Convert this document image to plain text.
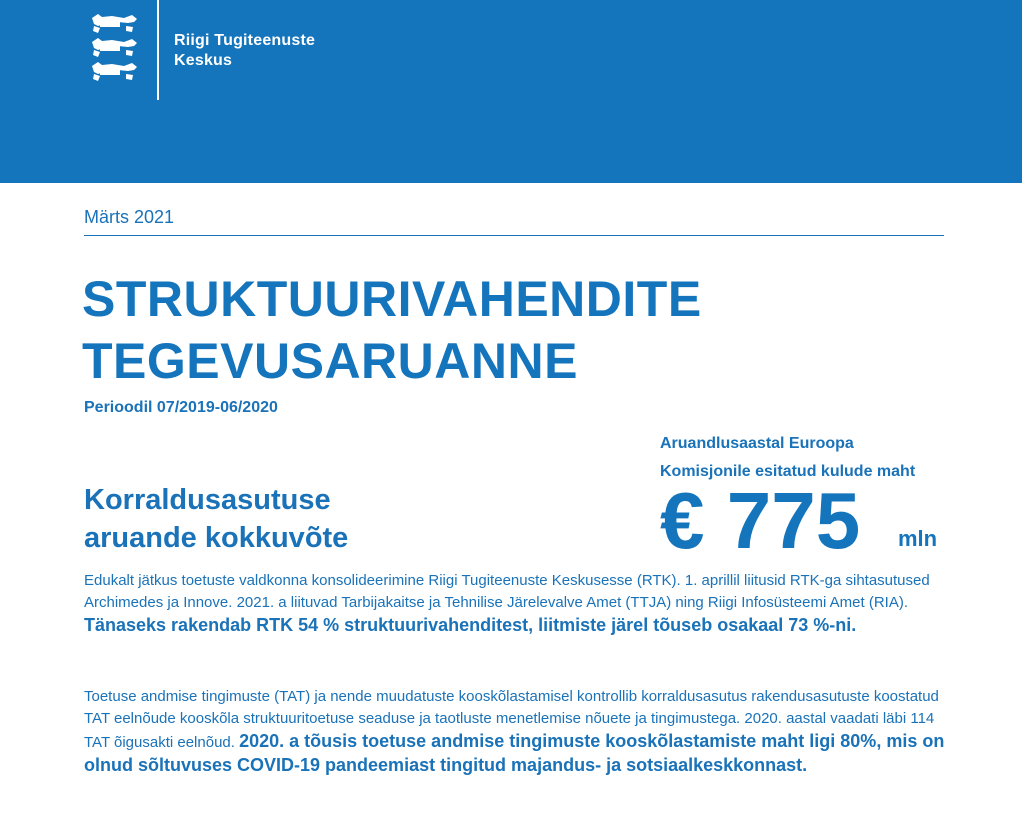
Riigi Tugiteenuste
Keskus
Märts 2021
STRUKTUURIVAHENDITE
TEGEVUSARUANNE
Perioodil 07/2019-06/2020
Korraldusasutuse
aruande kokkuvõte
Aruandlusaastal Euroopa
Komisjonile esitatud kulude maht
€ 775 mln
Edukalt jätkus toetuste valdkonna konsolideerimine Riigi Tugiteenuste Keskusesse (RTK). 1. aprillil liitusid RTK-ga sihtasutused Archimedes ja Innove. 2021. a liituvad Tarbijakaitse ja Tehnilise Järelevalve Amet (TTJA) ning Riigi Infosüsteemi Amet (RIA). Tänaseks rakendab RTK 54 % struktuurivahenditest, liitmiste järel tõuseb osakaal 73 %-ni.
Toetuse andmise tingimuste (TAT) ja nende muudatuste kooskõlastamisel kontrollib korraldusasutus rakendusasutuste koostatud TAT eelnõude kooskõla struktuuritoetuse seaduse ja taotluste menetlemise nõuete ja tingimustega. 2020. aastal vaadati läbi 114 TAT õigusakti eelnõud. 2020. a tõusis toetuse andmise tingimuste kooskõlastamiste maht ligi 80%, mis on olnud sõltuvuses COVID-19 pandeemiast tingitud majandus- ja sotsiaalkeskkonnast.
